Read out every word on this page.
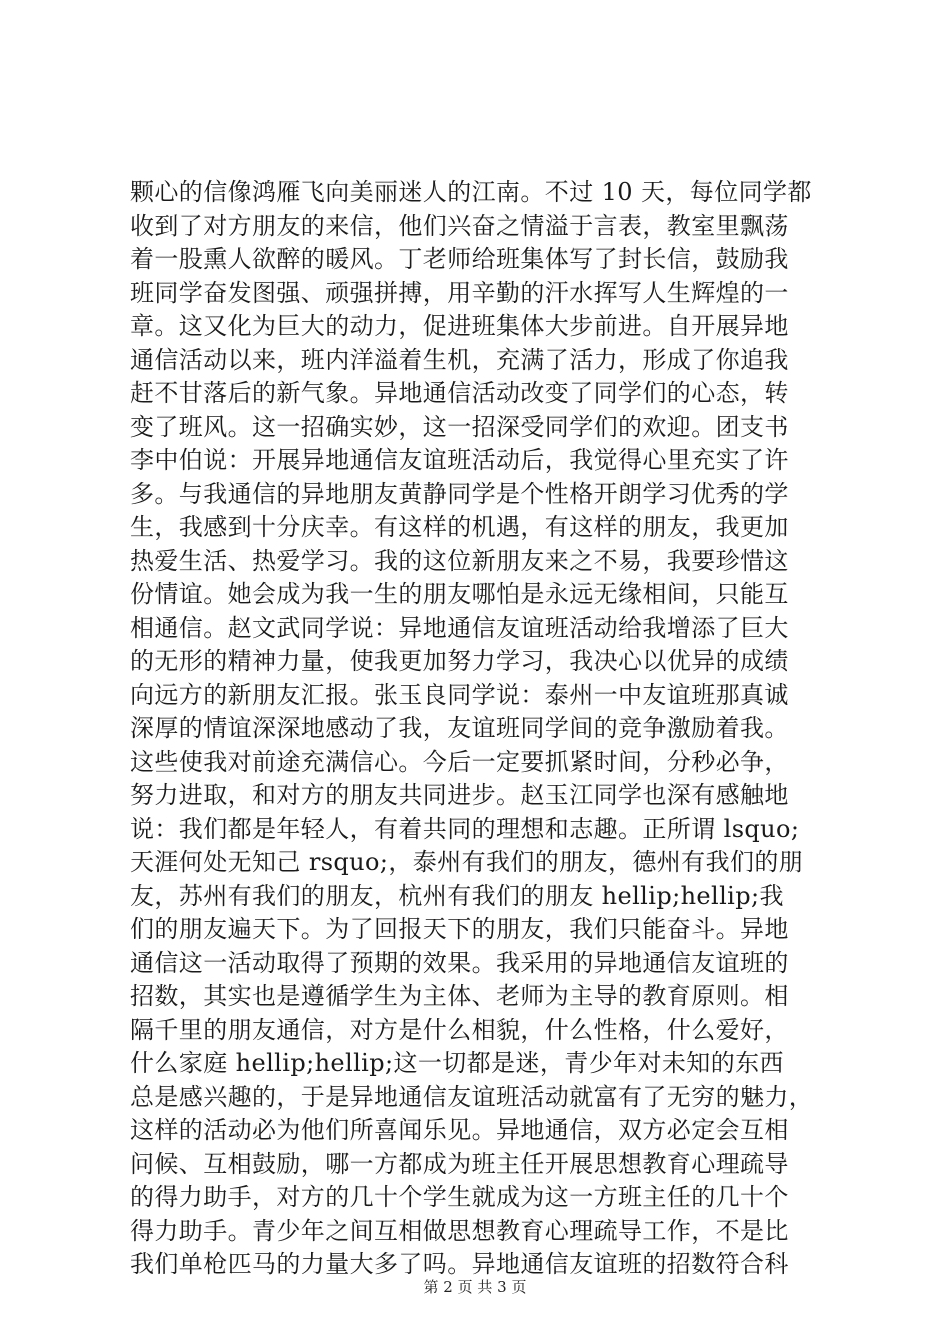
颗心的信像鸿雁飞向美丽迷人的江南。不过 10 天，每位同学都
收到了对方朋友的来信，他们兴奋之情溢于言表，教室里飘荡
着一股熏人欲醉的暖风。丁老师给班集体写了封长信，鼓励我
班同学奋发图强、顽强拼搏，用辛勤的汗水挥写人生辉煌的一
章。这又化为巨大的动力，促进班集体大步前进。自开展异地
通信活动以来，班内洋溢着生机，充满了活力，形成了你追我
赶不甘落后的新气象。异地通信活动改变了同学们的心态，转
变了班风。这一招确实妙，这一招深受同学们的欢迎。团支书
李中伯说：开展异地通信友谊班活动后，我觉得心里充实了许
多。与我通信的异地朋友黄静同学是个性格开朗学习优秀的学
生，我感到十分庆幸。有这样的机遇，有这样的朋友，我更加
热爱生活、热爱学习。我的这位新朋友来之不易，我要珍惜这
份情谊。她会成为我一生的朋友哪怕是永远无缘相间，只能互
相通信。赵文武同学说：异地通信友谊班活动给我增添了巨大
的无形的精神力量，使我更加努力学习，我决心以优异的成绩
向远方的新朋友汇报。张玉良同学说：泰州一中友谊班那真诚
深厚的情谊深深地感动了我，友谊班同学间的竞争激励着我。
这些使我对前途充满信心。今后一定要抓紧时间，分秒必争，
努力进取，和对方的朋友共同进步。赵玉江同学也深有感触地
说：我们都是年轻人，有着共同的理想和志趣。正所谓 lsquo;
天涯何处无知己 rsquo;，泰州有我们的朋友，德州有我们的朋
友，苏州有我们的朋友，杭州有我们的朋友 hellip;hellip;我
们的朋友遍天下。为了回报天下的朋友，我们只能奋斗。异地
通信这一活动取得了预期的效果。我采用的异地通信友谊班的
招数，其实也是遵循学生为主体、老师为主导的教育原则。相
隔千里的朋友通信，对方是什么相貌，什么性格，什么爱好，
什么家庭 hellip;hellip;这一切都是迷，青少年对未知的东西
总是感兴趣的，于是异地通信友谊班活动就富有了无穷的魅力，
这样的活动必为他们所喜闻乐见。异地通信，双方必定会互相
问候、互相鼓励，哪一方都成为班主任开展思想教育心理疏导
的得力助手，对方的几十个学生就成为这一方班主任的几十个
得力助手。青少年之间互相做思想教育心理疏导工作，不是比
我们单枪匹马的力量大多了吗。异地通信友谊班的招数符合科
第 2 页 共 3 页
